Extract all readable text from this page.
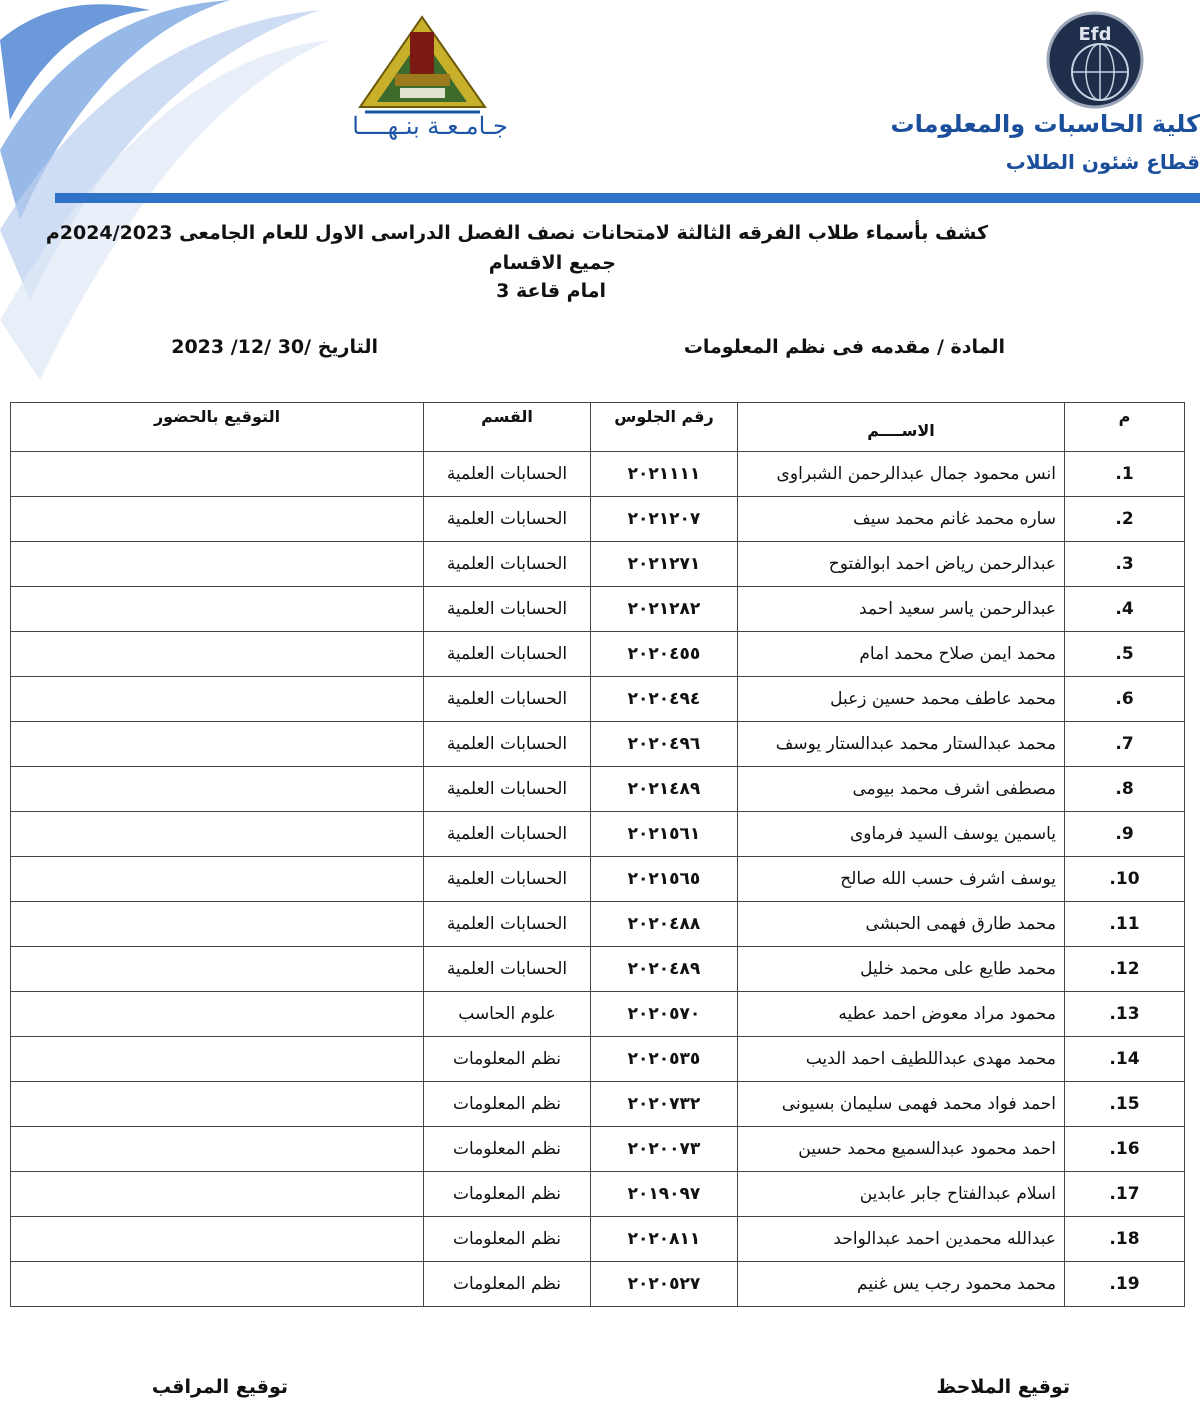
جـامـعـة بنـهــــا
Efd
كلية الحاسبات والمعلومات
قطاع شئون الطلاب
كشف بأسماء طلاب الفرقه الثالثة لامتحانات نصف الفصل الدراسى الاول للعام الجامعى 2024/2023م
جميع الاقسام
امام قاعة 3
المادة / مقدمه فى نظم المعلومات
التاريخ /30 /12/ 2023
م	الاســــم	رقم الجلوس	القسم	التوقيع بالحضور
1.	انس محمود جمال عبدالرحمن الشبراوى	٢٠٢١١١١	الحسابات العلمية	
2.	ساره محمد غانم محمد سيف	٢٠٢١٢٠٧	الحسابات العلمية	
3.	عبدالرحمن رياض احمد ابوالفتوح	٢٠٢١٢٧١	الحسابات العلمية	
4.	عبدالرحمن ياسر سعيد احمد	٢٠٢١٢٨٢	الحسابات العلمية	
5.	محمد ايمن صلاح محمد امام	٢٠٢٠٤٥٥	الحسابات العلمية	
6.	محمد عاطف محمد حسين زعبل	٢٠٢٠٤٩٤	الحسابات العلمية	
7.	محمد عبدالستار محمد عبدالستار يوسف	٢٠٢٠٤٩٦	الحسابات العلمية	
8.	مصطفى اشرف محمد بيومى	٢٠٢١٤٨٩	الحسابات العلمية	
9.	ياسمين يوسف السيد فرماوى	٢٠٢١٥٦١	الحسابات العلمية	
10.	يوسف اشرف حسب الله صالح	٢٠٢١٥٦٥	الحسابات العلمية	
11.	محمد طارق فهمى الحبشى	٢٠٢٠٤٨٨	الحسابات العلمية	
12.	محمد طايع على محمد خليل	٢٠٢٠٤٨٩	الحسابات العلمية	
13.	محمود مراد معوض احمد عطيه	٢٠٢٠٥٧٠	علوم الحاسب	
14.	محمد مهدى عبداللطيف احمد الديب	٢٠٢٠٥٣٥	نظم المعلومات	
15.	احمد فواد محمد فهمى سليمان بسيونى	٢٠٢٠٧٣٢	نظم المعلومات	
16.	احمد محمود عبدالسميع محمد حسين	٢٠٢٠٠٧٣	نظم المعلومات	
17.	اسلام عبدالفتاح جابر عابدين	٢٠١٩٠٩٧	نظم المعلومات	
18.	عبدالله محمدين احمد عبدالواحد	٢٠٢٠٨١١	نظم المعلومات	
19.	محمد محمود رجب يس غنيم	٢٠٢٠٥٢٧	نظم المعلومات	
توقيع الملاحظ
توقيع المراقب
